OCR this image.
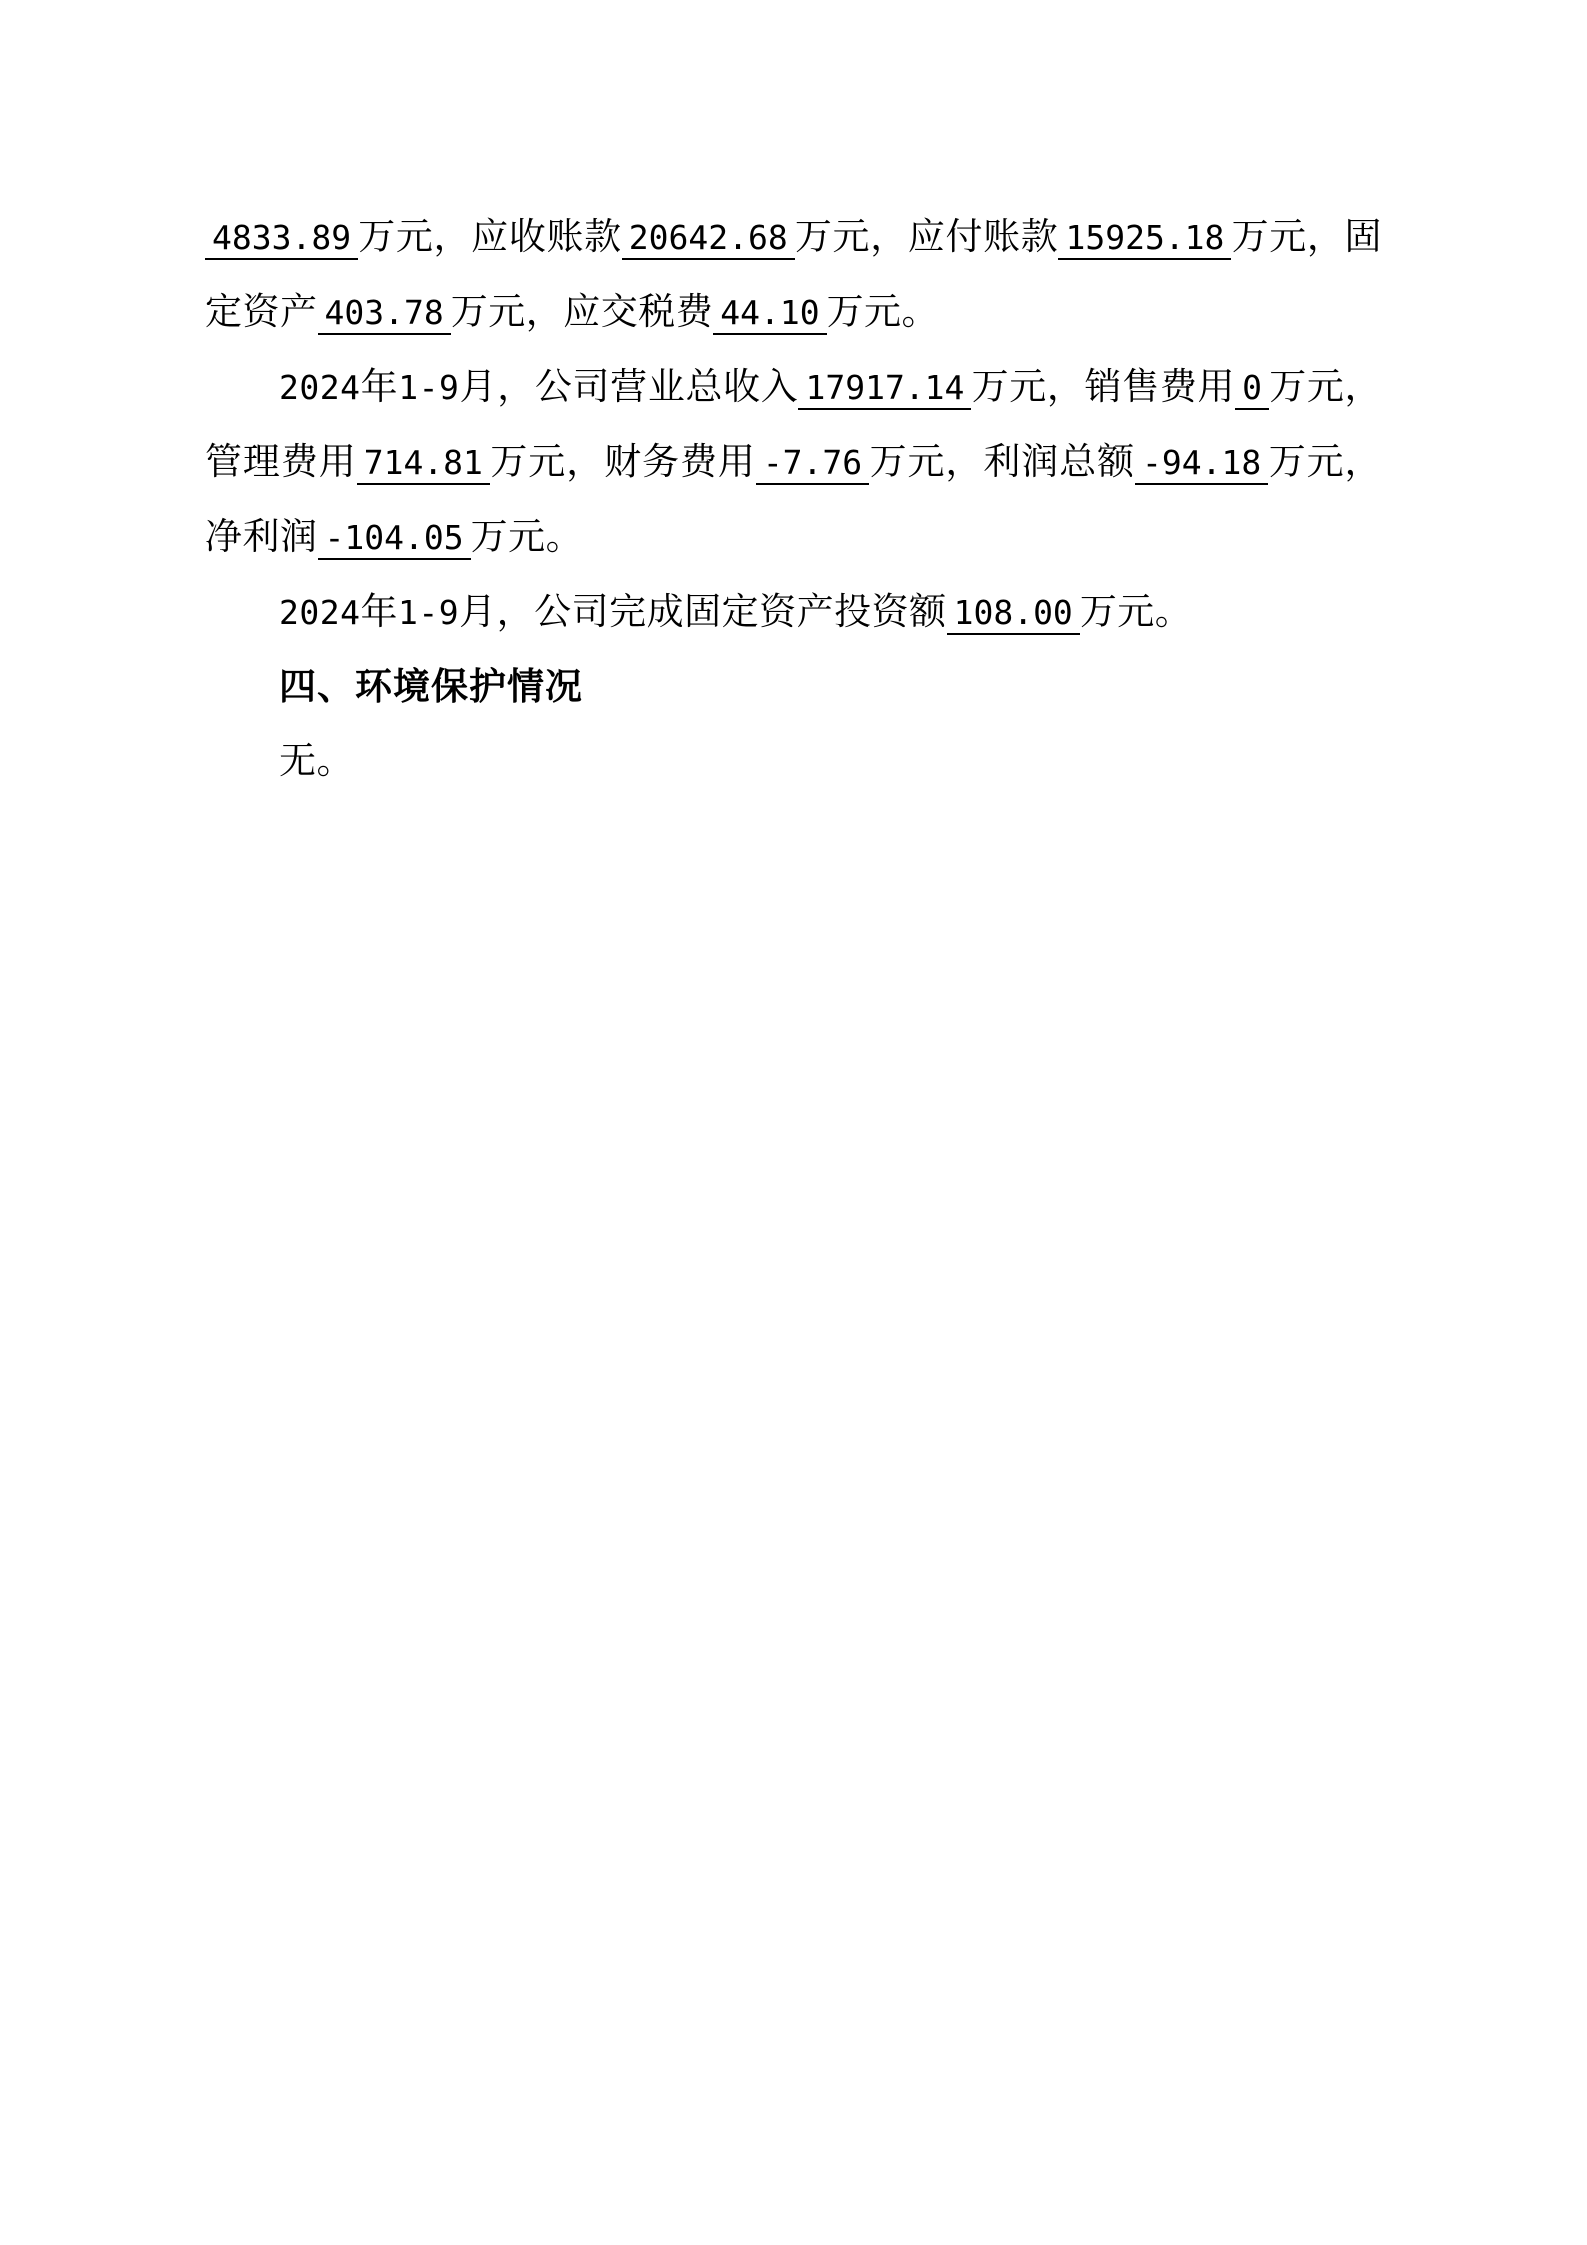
4833.89 万元，应收账款 20642.68 万元，应付账款 15925.18 万元，固定资产 403.78 万元，应交税费 44.10 万元。

2024年1-9月，公司营业总收入 17917.14 万元，销售费用 0 万元，管理费用 714.81 万元，财务费用 -7.76 万元，利润总额 -94.18 万元，净利润 -104.05 万元。

2024年1-9月，公司完成固定资产投资额 108.00 万元。

四、环境保护情况

无。
